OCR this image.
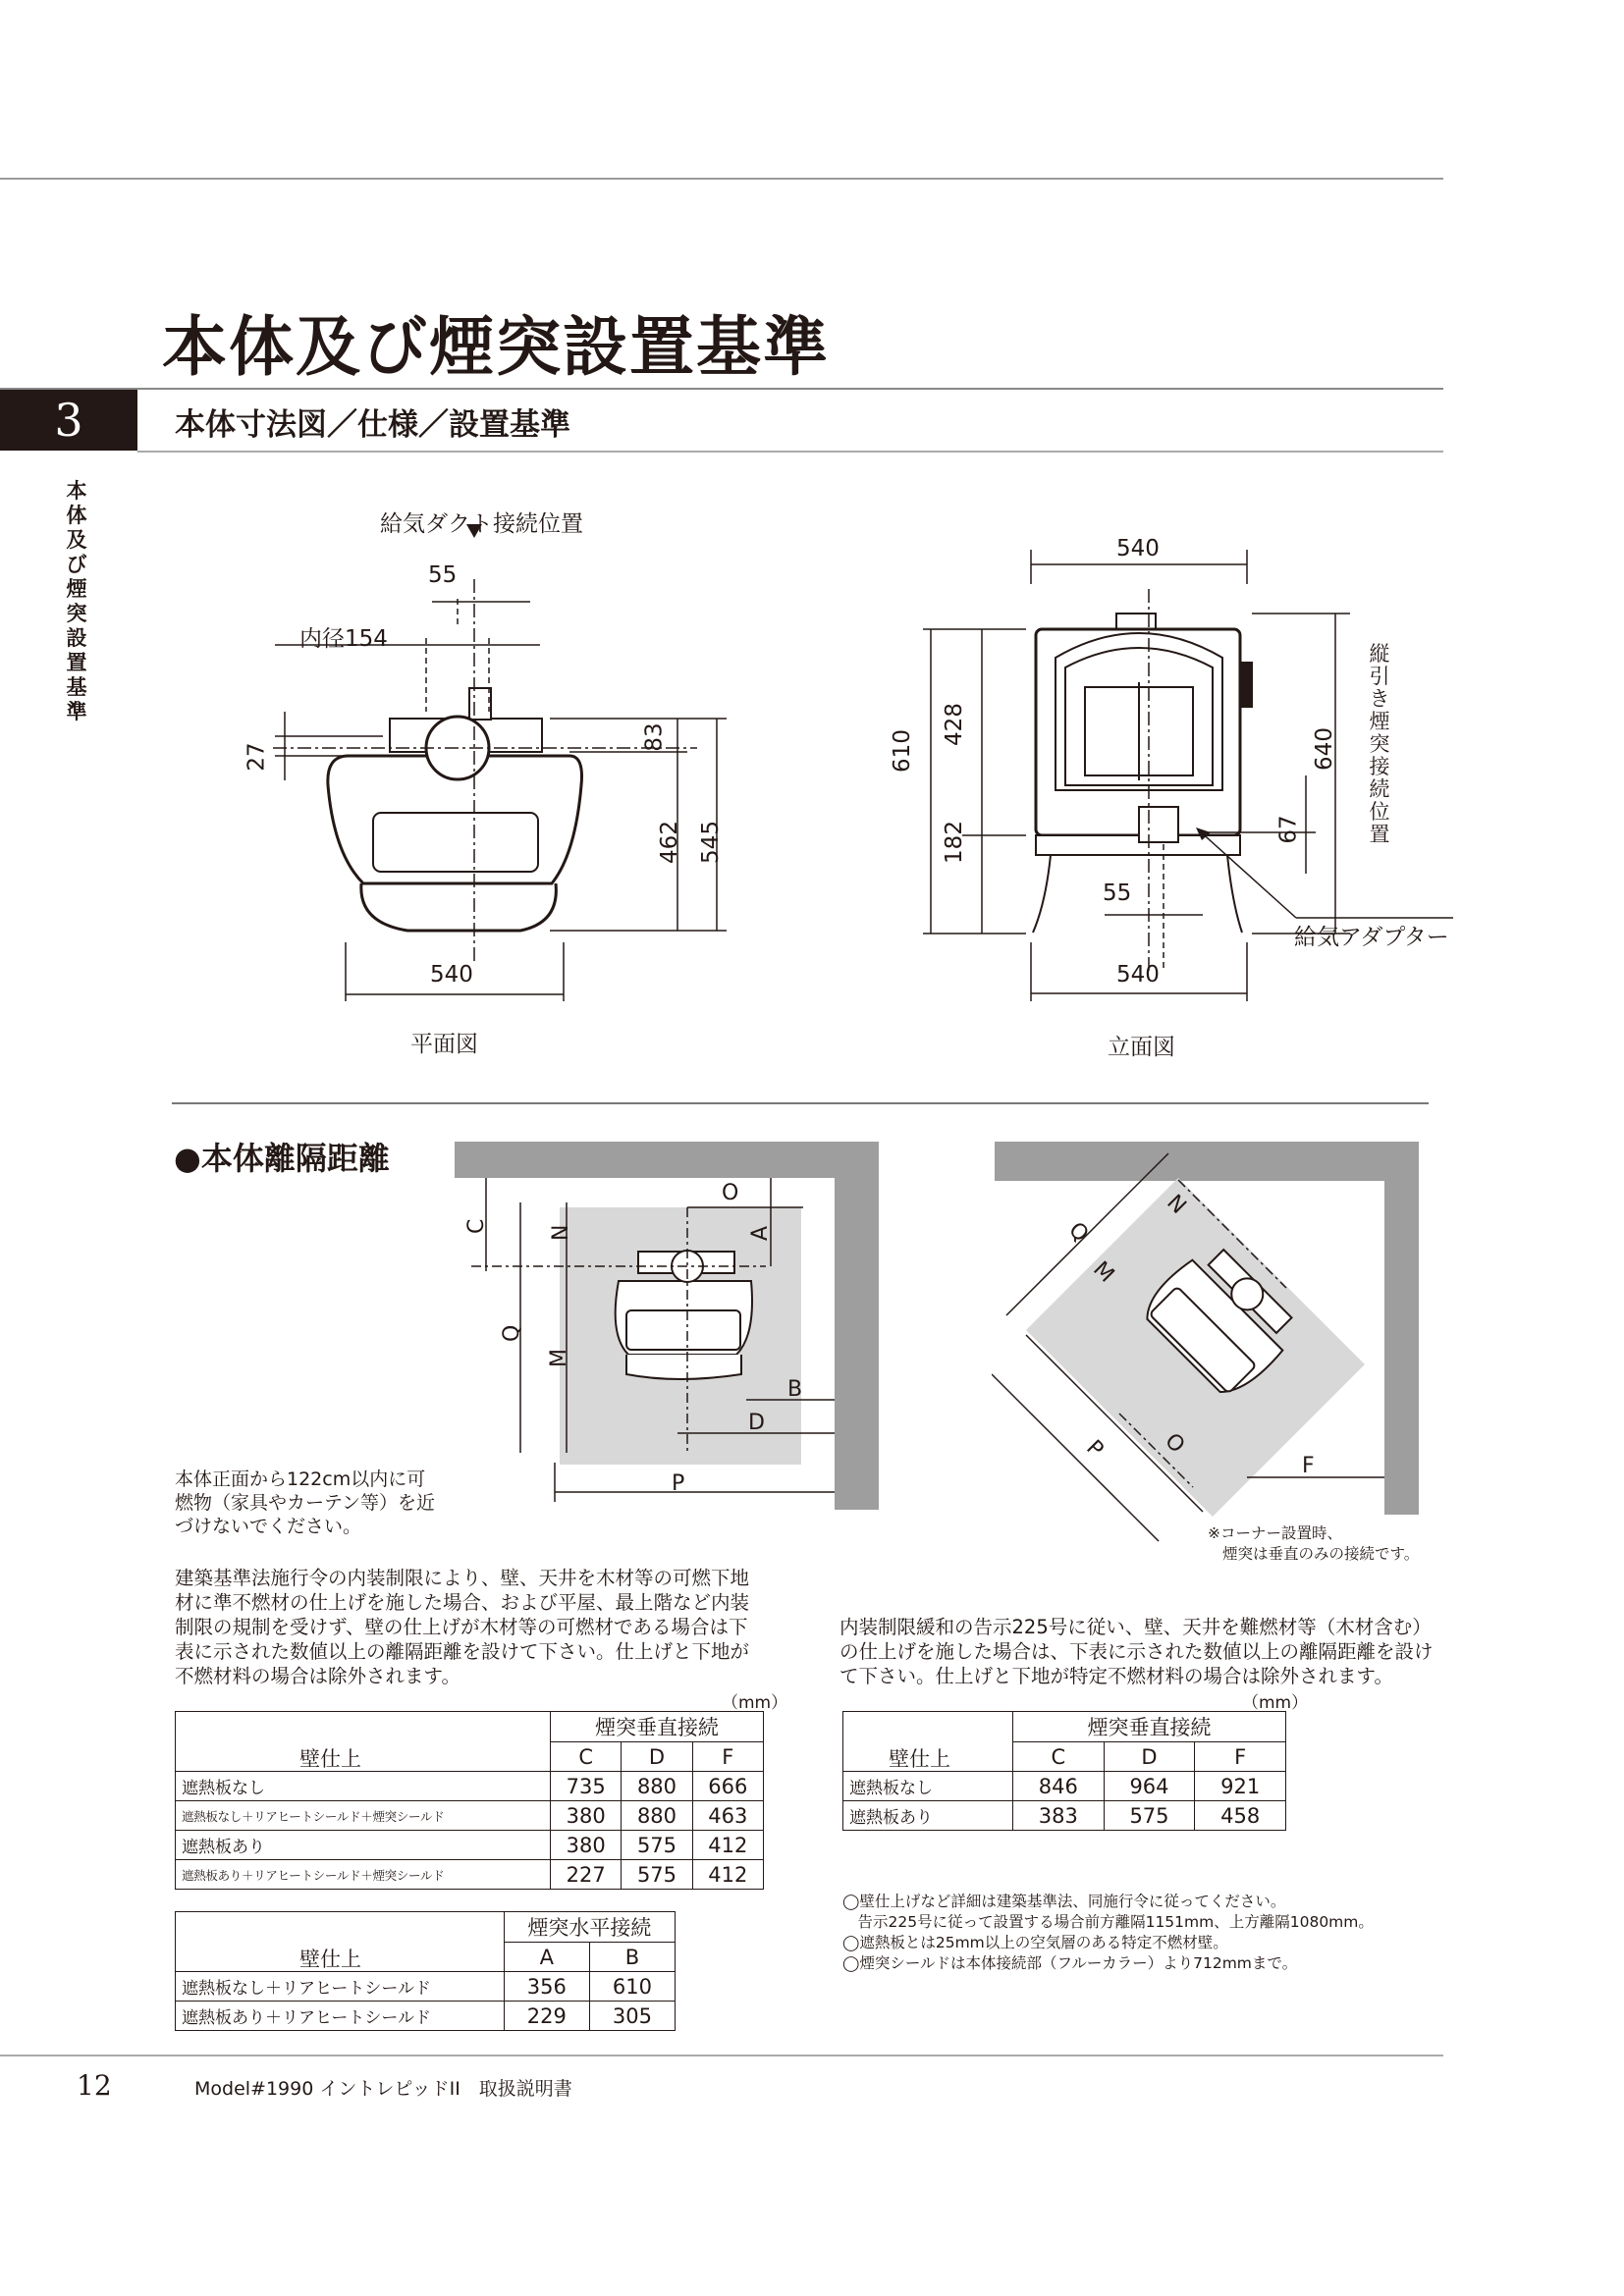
本体及び煙突設置基準
3	本体寸法図／仕様／設置基準
本体及び煙突設置基準
給気ダクト接続位置
55
内径154
27
83
462 545
540
平面図
540
610
428
182
640
縦引き煙突接続位置
67
55
給気アダプター
540
立面図
●本体離隔距離
O
C	N	A
Q
M
B
D
P
Q
N
M
P O
F
本体正面から122cm以内に可燃物（家具やカーテン等）を近づけないでください。	※コーナー設置時、
煙突は垂直のみの接続です。
建築基準法施行令の内装制限により、壁、天井を木材等の可燃下地材に準不燃材の仕上げを施した場合、および平屋、最上階など内装制限の規制を受けず、壁の仕上げが木材等の可燃材である場合は下表に示された数値以上の離隔距離を設けて下さい。仕上げと下地が不燃材料の場合は除外されます。
内装制限緩和の告示225号に従い、壁、天井を難燃材等（木材含む）の仕上げを施した場合は、下表に示された数値以上の離隔距離を設けて下さい。仕上げと下地が特定不燃材料の場合は除外されます。
（mm）	（mm）
	煙突垂直接続		
	C	D	F
遮熱板なし	735	880	666
遮熱板なし＋リアヒートシールド＋煙突シールド	380	880	463
遮熱板あり	380	575	412
遮熱板あり＋リアヒートシールド＋煙突シールド	227	575	412
壁仕上
	煙突水平接続	
	A	B
遮熱板なし＋リアヒートシールド	356	610
遮熱板あり＋リアヒートシールド	229	305
壁仕上
	煙突垂直接続		
	C	D	F
遮熱板なし	846	964	921
遮熱板あり	383	575	458
壁仕上
◯壁仕上げなど詳細は建築基準法、同施行令に従ってください。
　告示225号に従って設置する場合前方離隔1151mm、上方離隔1080mm。
◯遮熱板とは25mm以上の空気層のある特定不燃材壁。
◯煙突シールドは本体接続部（フルーカラー）より712mmまで。
12	Model#1990 イントレピッドII　取扱説明書
